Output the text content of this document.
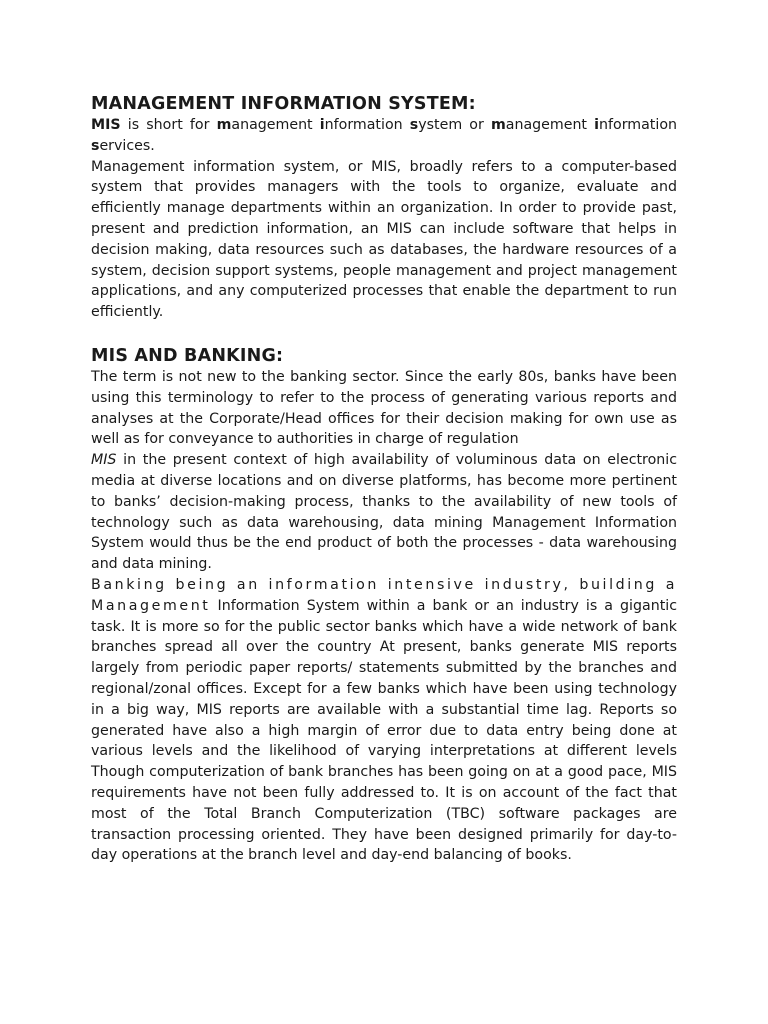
MANAGEMENT INFORMATION SYSTEM:

MIS is short for management information system or management information services.

Management information system, or MIS, broadly refers to a computer-based system that provides managers with the tools to organize, evaluate and efficiently manage departments within an organization. In order to provide past, present and prediction information, an MIS can include software that helps in decision making, data resources such as databases, the hardware resources of a system, decision support systems, people management and project management applications, and any computerized processes that enable the department to run efficiently.

MIS AND BANKING:

The term is not new to the banking sector. Since the early 80s, banks have been using this terminology to refer to the process of generating various reports and analyses at the Corporate/Head offices for their decision making for own use as well as for conveyance to authorities in charge of regulation

MIS in the present context of high availability of voluminous data on electronic media at diverse locations and on diverse platforms, has become more pertinent to banks’ decision-making process, thanks to the availability of new tools of technology such as data warehousing, data mining Management Information System would thus be the end product of both the processes - data warehousing and data mining.

Banking being an information intensive industry, building a Management Information System within a bank or an industry is a gigantic task. It is more so for the public sector banks which have a wide network of bank branches spread all over the country At present, banks generate MIS reports largely from periodic paper reports/ statements submitted by the branches and regional/zonal offices. Except for a few banks which have been using technology in a big way, MIS reports are available with a substantial time lag. Reports so generated have also a high margin of error due to data entry being done at various levels and the likelihood of varying interpretations at different levels Though computerization of bank branches has been going on at a good pace, MIS requirements have not been fully addressed to. It is on account of the fact that most of the Total Branch Computerization (TBC) software packages are transaction processing oriented. They have been designed primarily for day-to-day operations at the branch level and day-end balancing of books.
